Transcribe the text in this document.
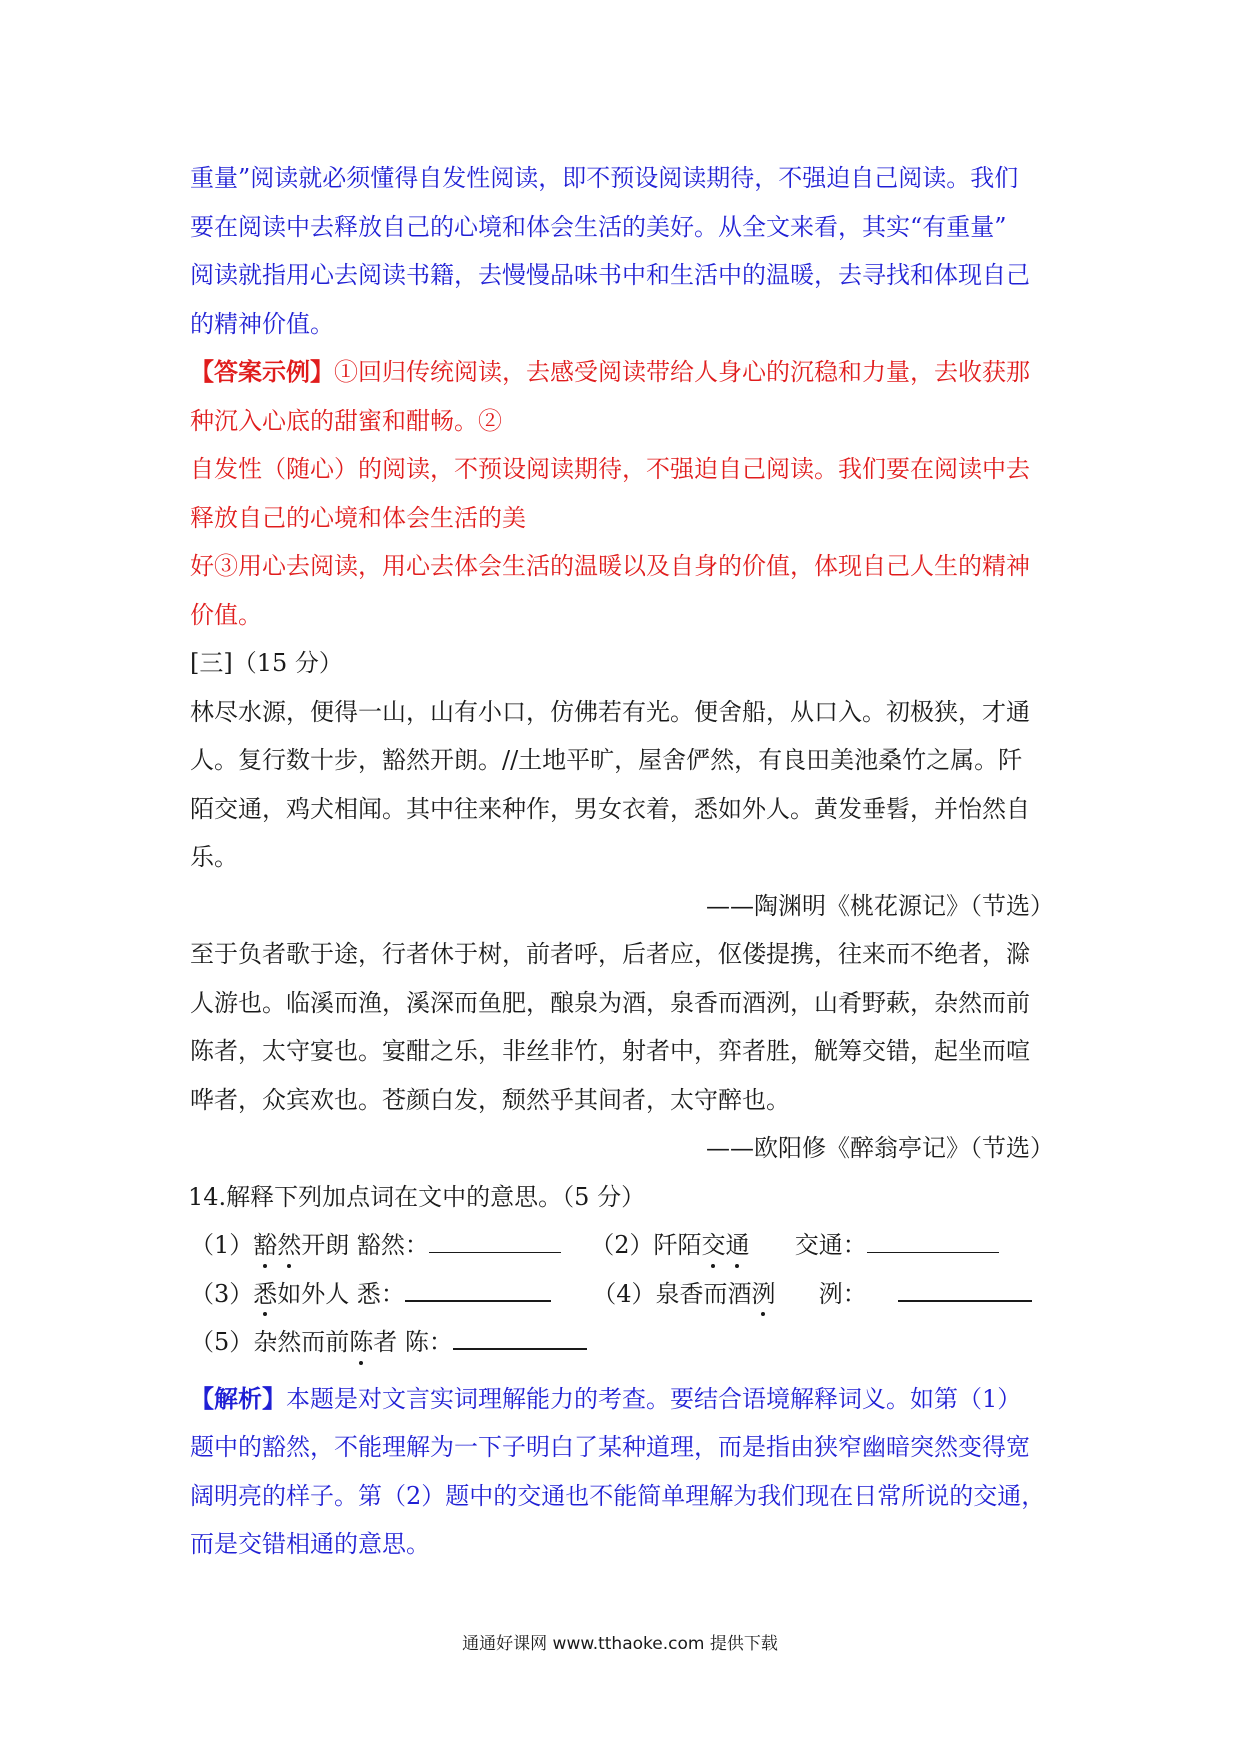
重量”阅读就必须懂得自发性阅读，即不预设阅读期待，不强迫自己阅读。我们
要在阅读中去释放自己的心境和体会生活的美好。从全文来看，其实“有重量”
阅读就指用心去阅读书籍，去慢慢品味书中和生活中的温暖，去寻找和体现自己
的精神价值。
【答案示例】①回归传统阅读，去感受阅读带给人身心的沉稳和力量，去收获那
种沉入心底的甜蜜和酣畅。②
自发性（随心）的阅读，不预设阅读期待，不强迫自己阅读。我们要在阅读中去
释放自己的心境和体会生活的美
好③用心去阅读，用心去体会生活的温暖以及自身的价值，体现自己人生的精神
价值。
[三]（15 分）
林尽水源，便得一山，山有小口，仿佛若有光。便舍船，从口入。初极狭，才通
人。复行数十步，豁然开朗。//土地平旷，屋舍俨然，有良田美池桑竹之属。阡
陌交通，鸡犬相闻。其中往来种作，男女衣着，悉如外人。黄发垂髫，并怡然自
乐。
——陶渊明《桃花源记》（节选）
至于负者歌于途，行者休于树，前者呼，后者应，伛偻提携，往来而不绝者，滁
人游也。临溪而渔，溪深而鱼肥，酿泉为酒，泉香而酒洌，山肴野蔌，杂然而前
陈者，太守宴也。宴酣之乐，非丝非竹，射者中，弈者胜，觥筹交错，起坐而喧
哗者，众宾欢也。苍颜白发，颓然乎其间者，太守醉也。
——欧阳修《醉翁亭记》（节选）
14.解释下列加点词在文中的意思。（5 分）
（1）豁然开朗 豁然：	（2）阡陌交通 交通：
（3）悉如外人 悉：	（4）泉香而酒洌 洌：
（5）杂然而前陈者 陈：
【解析】本题是对文言实词理解能力的考查。要结合语境解释词义。如第（1）
题中的豁然，不能理解为一下子明白了某种道理，而是指由狭窄幽暗突然变得宽
阔明亮的样子。第（2）题中的交通也不能简单理解为我们现在日常所说的交通，
而是交错相通的意思。
通通好课网 www.tthaoke.com 提供下载
